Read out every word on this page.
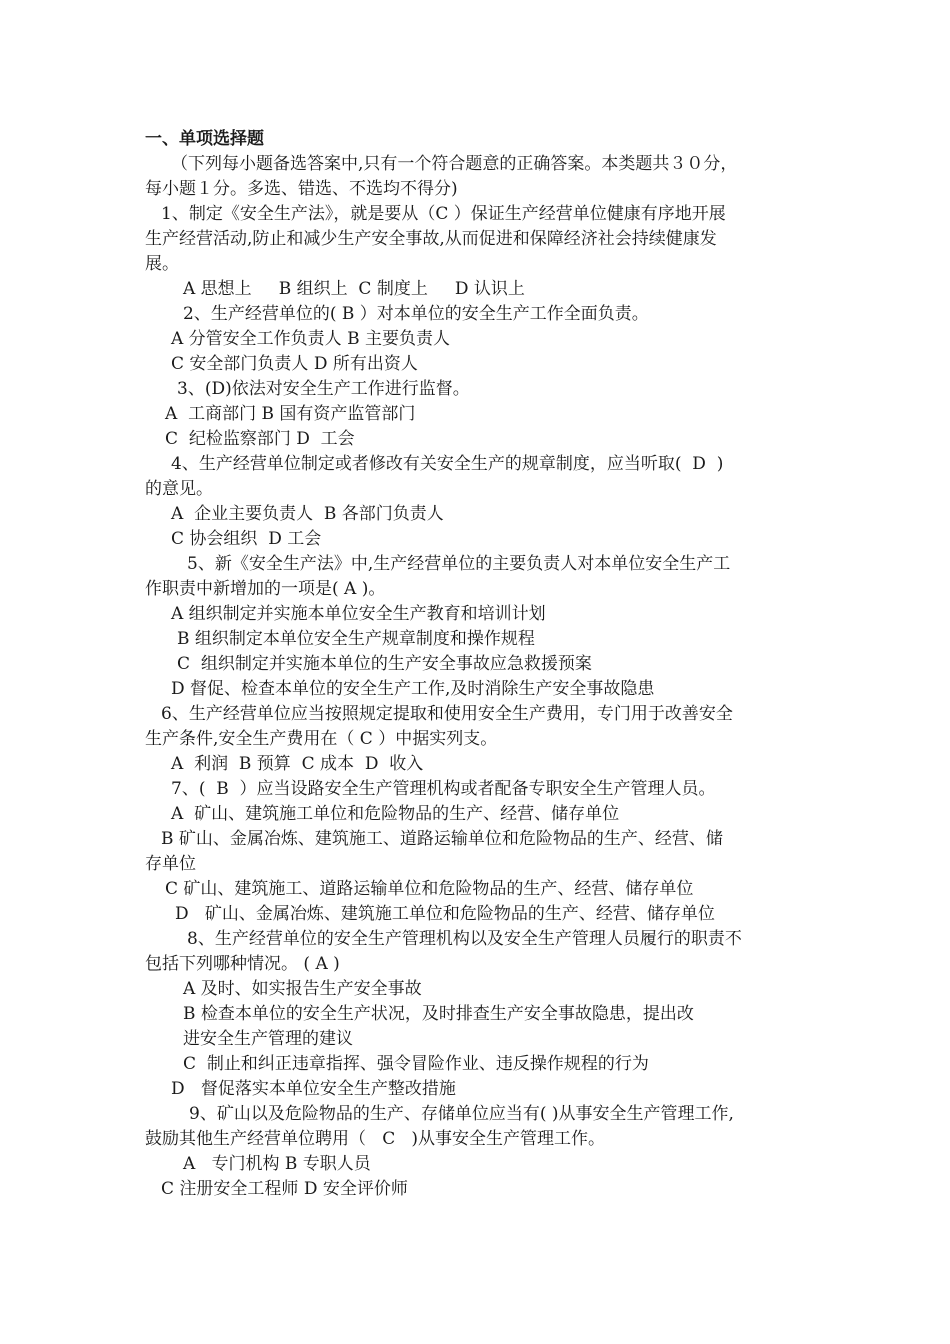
一、单项选择题
（下列每小题备选答案中,只有一个符合题意的正确答案。本类题共３０分，
每小题１分。多选、错选、不选均不得分)
1、制定《安全生产法》，就是要从（C ）保证生产经营单位健康有序地开展
生产经营活动,防止和减少生产安全事故,从而促进和保障经济社会持续健康发
展。
A 思想上     B 组织上  C 制度上     D 认识上
2、生产经营单位的( B ）对本单位的安全生产工作全面负责。
A 分管安全工作负责人 B 主要负责人
C 安全部门负责人 D 所有出资人
3、(D)依法对安全生产工作进行监督。
A  工商部门 B 国有资产监管部门
C  纪检监察部门 D  工会
4、生产经营单位制定或者修改有关安全生产的规章制度，应当听取(  D  )
的意见。
A  企业主要负责人  B 各部门负责人
C 协会组织  D 工会
5、新《安全生产法》中,生产经营单位的主要负责人对本单位安全生产工
作职责中新增加的一项是( A )。
A 组织制定并实施本单位安全生产教育和培训计划
B 组织制定本单位安全生产规章制度和操作规程
C  组织制定并实施本单位的生产安全事故应急救援预案
D 督促、检查本单位的安全生产工作,及时消除生产安全事故隐患
6、生产经营单位应当按照规定提取和使用安全生产费用，专门用于改善安全
生产条件,安全生产费用在（ C ）中据实列支。
A  利润  B 预算  C 成本  D  收入
7、(  B  ）应当设路安全生产管理机构或者配备专职安全生产管理人员。
A  矿山、建筑施工单位和危险物品的生产、经营、储存单位
B 矿山、金属冶炼、建筑施工、道路运输单位和危险物品的生产、经营、储
存单位
C 矿山、建筑施工、道路运输单位和危险物品的生产、经营、储存单位
D   矿山、金属冶炼、建筑施工单位和危险物品的生产、经营、储存单位
8、生产经营单位的安全生产管理机构以及安全生产管理人员履行的职责不
包括下列哪种情况。 ( A )
A 及时、如实报告生产安全事故
B 检查本单位的安全生产状况，及时排查生产安全事故隐患，提出改
进安全生产管理的建议
C  制止和纠正违章指挥、强令冒险作业、违反操作规程的行为
D   督促落实本单位安全生产整改措施
9、矿山以及危险物品的生产、存储单位应当有( )从事安全生产管理工作,
鼓励其他生产经营单位聘用（   C   )从事安全生产管理工作。
A   专门机构 B 专职人员
C 注册安全工程师 D 安全评价师
